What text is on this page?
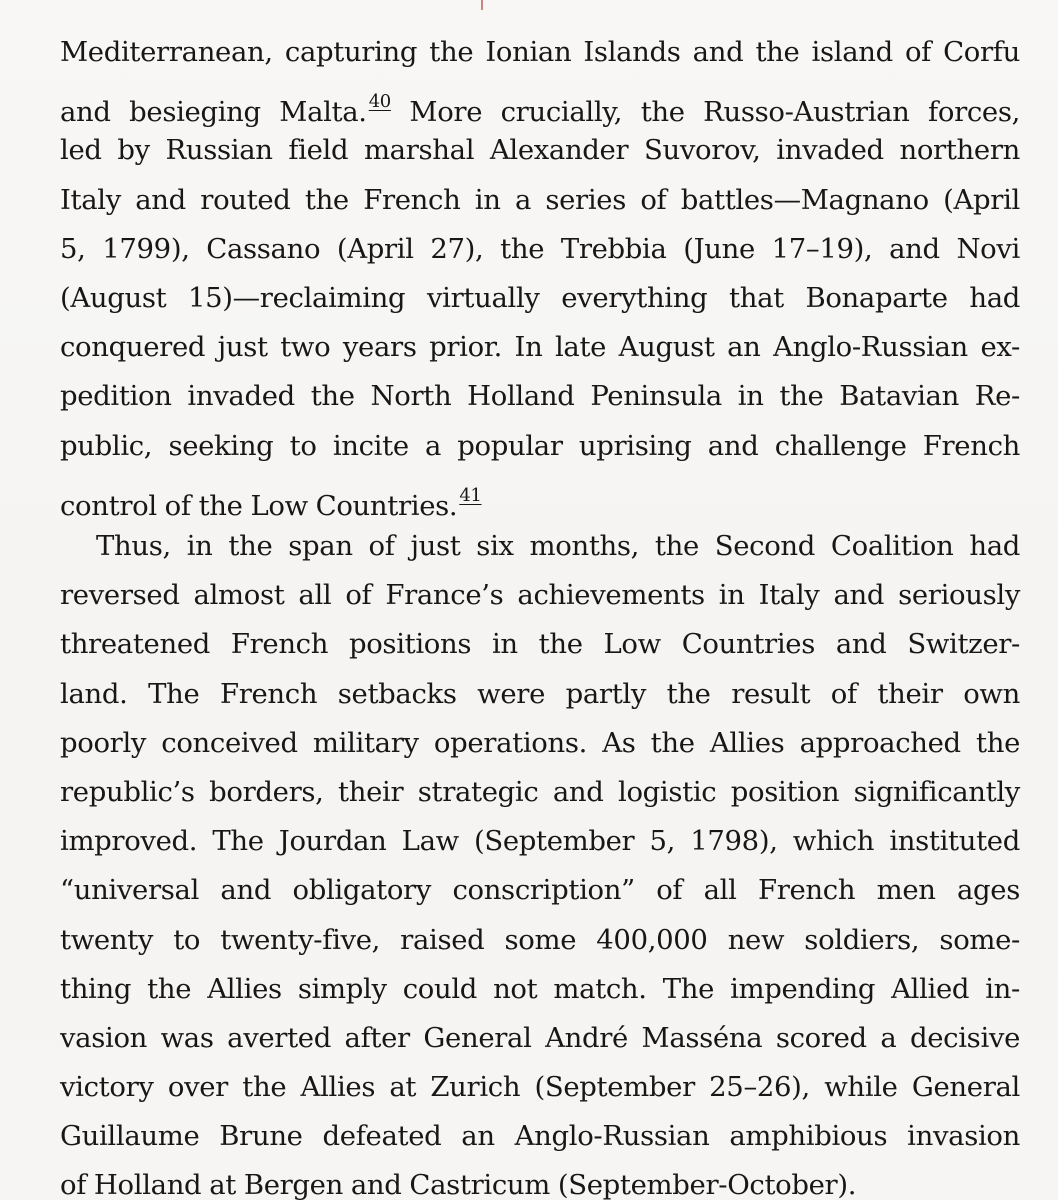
Mediterranean, capturing the Ionian Islands and the island of Corfu
and besieging Malta. $^{40}$ More crucially, the Russo-Austrian forces,
led by Russian field marshal Alexander Suvorov, invaded northern
Italy and routed the French in a series of battles—Magnano (April
5, 1799), Cassano (April 27), the Trebbia (June 17–19), and Novi
(August 15)—reclaiming virtually everything that Bonaparte had
conquered just two years prior. In late August an Anglo-Russian ex-
pedition invaded the North Holland Peninsula in the Batavian Re-
public, seeking to incite a popular uprising and challenge French
control of the Low Countries. $^{41}$
Thus, in the span of just six months, the Second Coalition had
reversed almost all of France’s achievements in Italy and seriously
threatened French positions in the Low Countries and Switzer-
land. The French setbacks were partly the result of their own
poorly conceived military operations. As the Allies approached the
republic’s borders, their strategic and logistic position significantly
improved. The Jourdan Law (September 5, 1798), which instituted
“universal and obligatory conscription” of all French men ages
twenty to twenty-five, raised some 400,000 new soldiers, some-
thing the Allies simply could not match. The impending Allied in-
vasion was averted after General André Masséna scored a decisive
victory over the Allies at Zurich (September 25–26), while General
Guillaume Brune defeated an Anglo-Russian amphibious invasion
of Holland at Bergen and Castricum (September-October).
